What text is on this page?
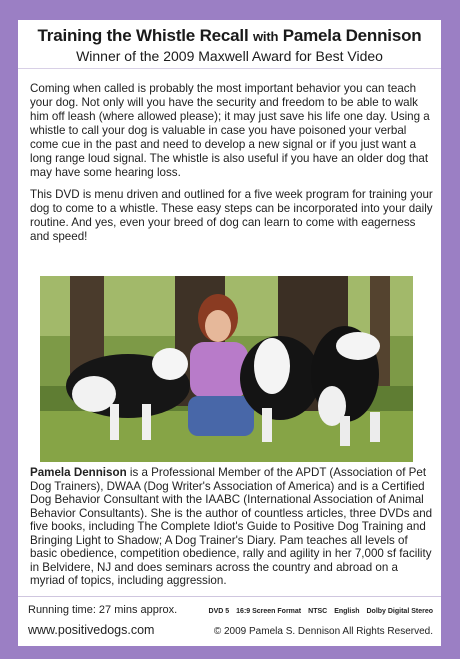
Training the Whistle Recall with Pamela Dennison
Winner of the 2009 Maxwell Award for Best Video

Coming when called is probably the most important behavior you can teach your dog. Not only will you have the security and freedom to be able to walk him off leash (where allowed please); it may just save his life one day. Using a whistle to call your dog is valuable in case you have poisoned your verbal come cue in the past and need to develop a new signal or if you just want a long range loud signal. The whistle is also useful if you have an older dog that may have some hearing loss.

This DVD is menu driven and outlined for a five week program for training your dog to come to a whistle. These easy steps can be incorporated into your daily routine. And yes, even your breed of dog can learn to come with eagerness and speed!

Pamela Dennison is a Professional Member of the APDT (Association of Pet Dog Trainers), DWAA (Dog Writer's Association of America) and is a Certified Dog Behavior Consultant with the IAABC (International Association of Animal Behavior Consultants). She is the author of countless articles, three DVDs and five books, including The Complete Idiot's Guide to Positive Dog Training and Bringing Light to Shadow; A Dog Trainer's Diary. Pam teaches all levels of basic obedience, competition obedience, rally and agility in her 7,000 sf facility in Belvidere, NJ and does seminars across the country and abroad on a myriad of topics, including aggression.
Running time: 27 mins approx.	DVD 5 16:9 Screen Format NTSC English Dolby Digital Stereo
www.positivedogs.com	© 2009 Pamela S. Dennison All Rights Reserved.
